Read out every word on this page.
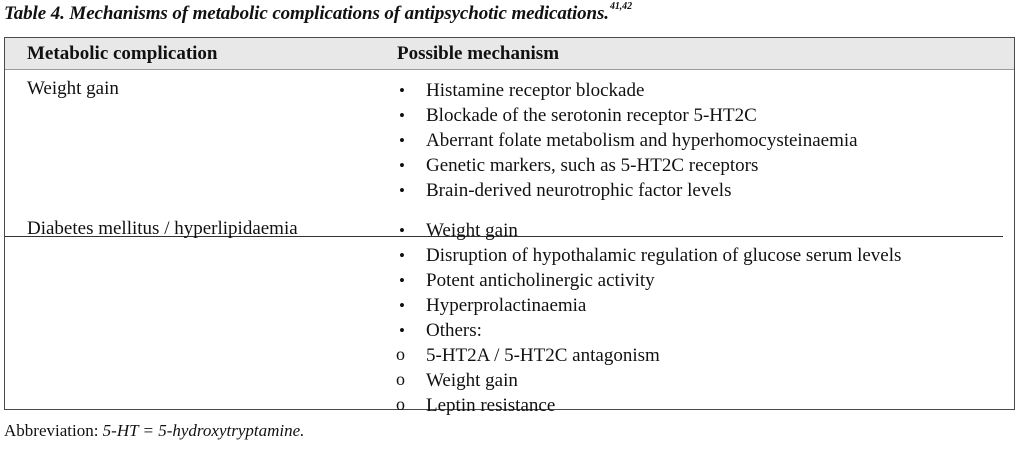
Table 4. Mechanisms of metabolic complications of antipsychotic medications.$^{41,42}$
Metabolic complication	Possible mechanism
Weight gain	• Histamine receptor blockade
• Blockade of the serotonin receptor 5-HT2C
• Aberrant folate metabolism and hyperhomocysteinaemia
• Genetic markers, such as 5-HT2C receptors
• Brain-derived neurotrophic factor levels
Diabetes mellitus / hyperlipidaemia	• Weight gain
• Disruption of hypothalamic regulation of glucose serum levels
• Potent anticholinergic activity
• Hyperprolactinaemia
• Others:
o 5-HT2A / 5-HT2C antagonism
o Weight gain
o Leptin resistance
Abbreviation: 5-HT = 5-hydroxytryptamine.
